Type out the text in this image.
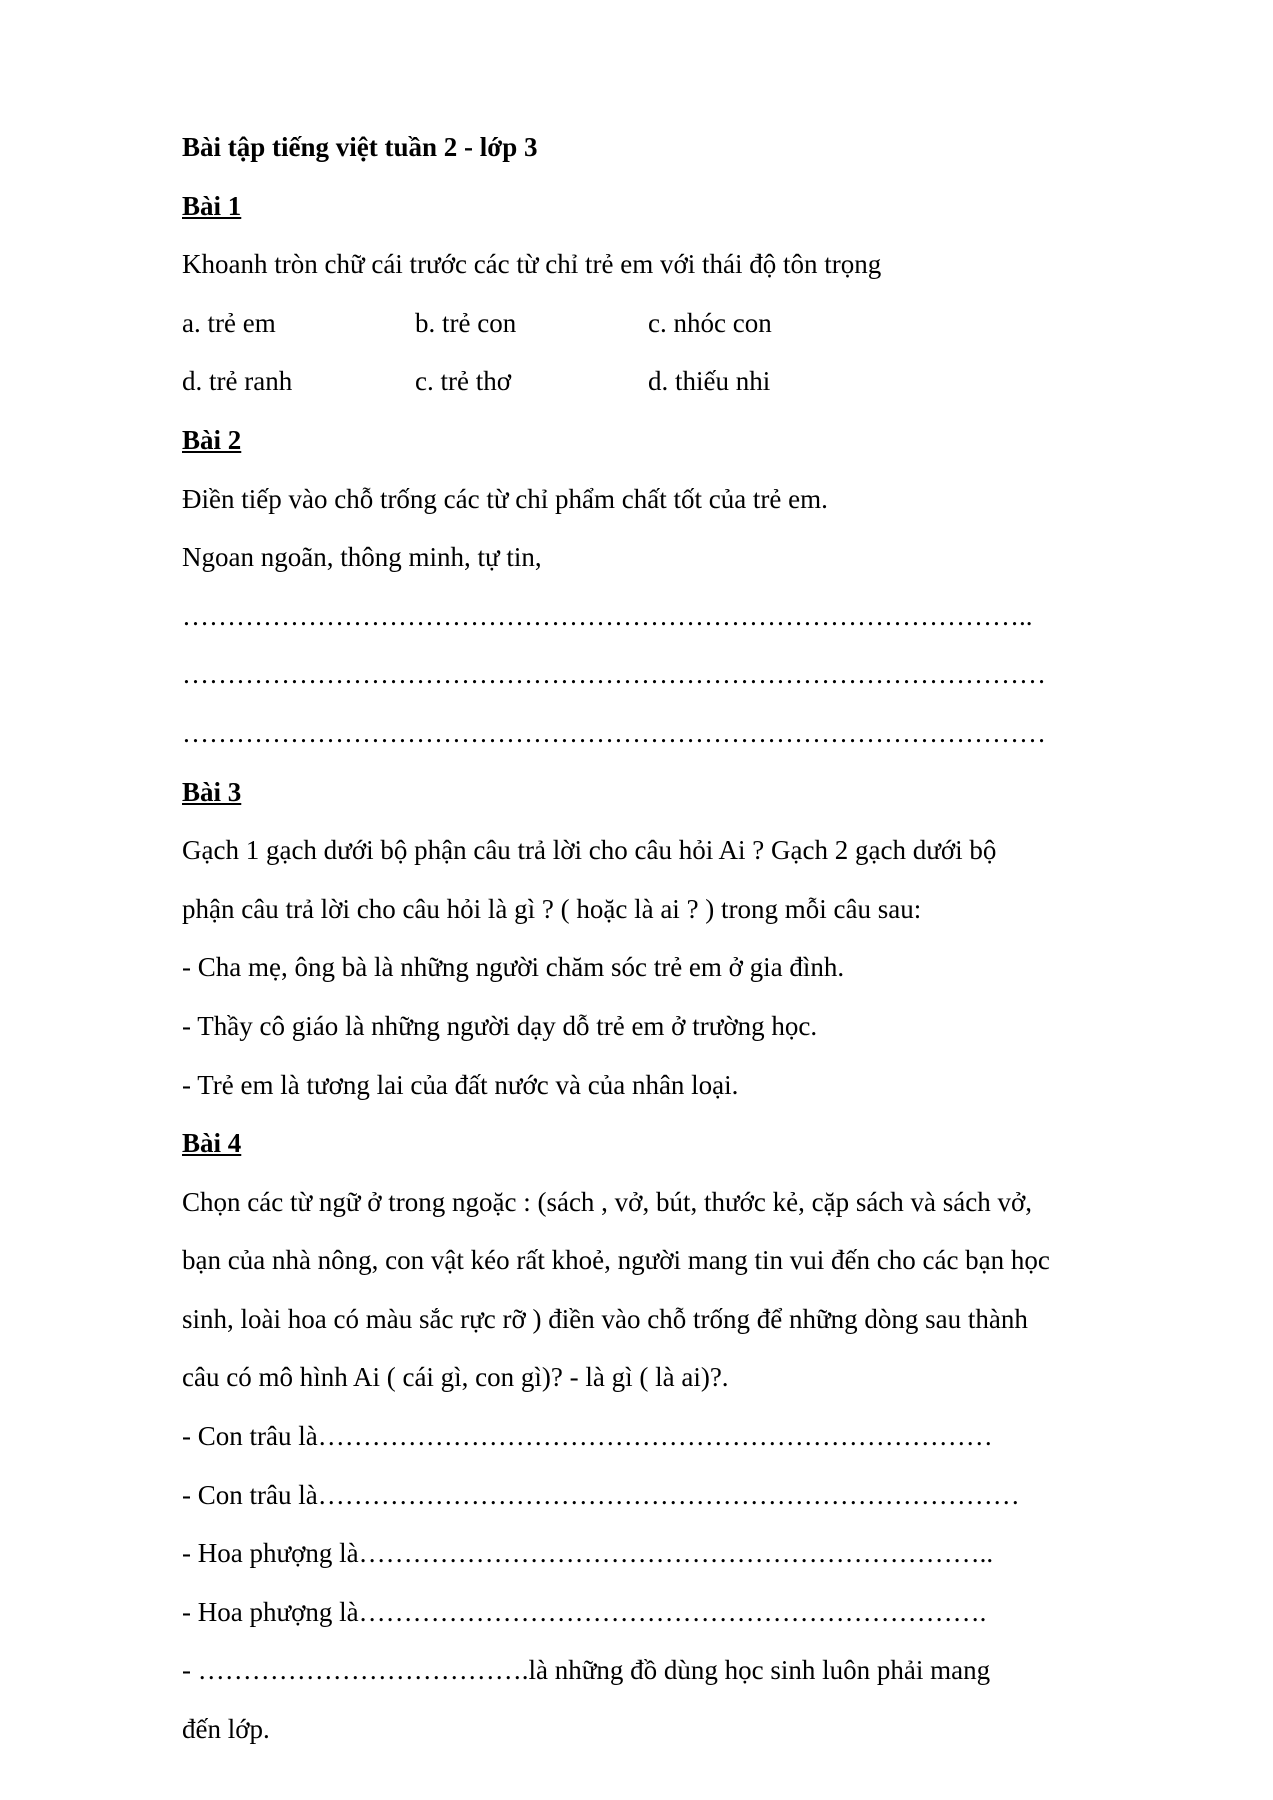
Bài tập tiếng việt tuần 2 - lớp 3
Bài 1
Khoanh tròn chữ cái trước các từ chỉ trẻ em với thái độ tôn trọng
a. trẻ em	b. trẻ con	c. nhóc con
d. trẻ ranh	c. trẻ thơ	d. thiếu nhi
Bài 2
Điền tiếp vào chỗ trống các từ chỉ phẩm chất tốt của trẻ em.
Ngoan ngoãn, thông minh, tự tin,
…………………………………………………………………………………..
……………………………………………………………………………………
……………………………………………………………………………………
Bài 3
Gạch 1 gạch dưới bộ phận câu trả lời cho câu hỏi Ai ? Gạch 2 gạch dưới bộ
phận câu trả lời cho câu hỏi là gì ? ( hoặc là ai ? ) trong mỗi câu sau:
- Cha mẹ, ông bà là những người chăm sóc trẻ em ở gia đình.
- Thầy cô giáo là những người dạy dỗ trẻ em ở trường học.
- Trẻ em là tương lai của đất nước và của nhân loại.
Bài 4
Chọn các từ ngữ ở trong ngoặc : (sách , vở, bút, thước kẻ, cặp sách và sách vở,
bạn của nhà nông, con vật kéo rất khoẻ, người mang tin vui đến cho các bạn học
sinh, loài hoa có màu sắc rực rỡ ) điền vào chỗ trống để những dòng sau thành
câu có mô hình Ai ( cái gì, con gì)? - là gì ( là ai)?.
- Con trâu là…………………………………………………………………
- Con trâu là……………………………………………………………………
- Hoa phượng là……………………………………………………………..
- Hoa phượng là…………………………………………………………….
- ……………………………….là những đồ dùng học sinh luôn phải mang
đến lớp.
